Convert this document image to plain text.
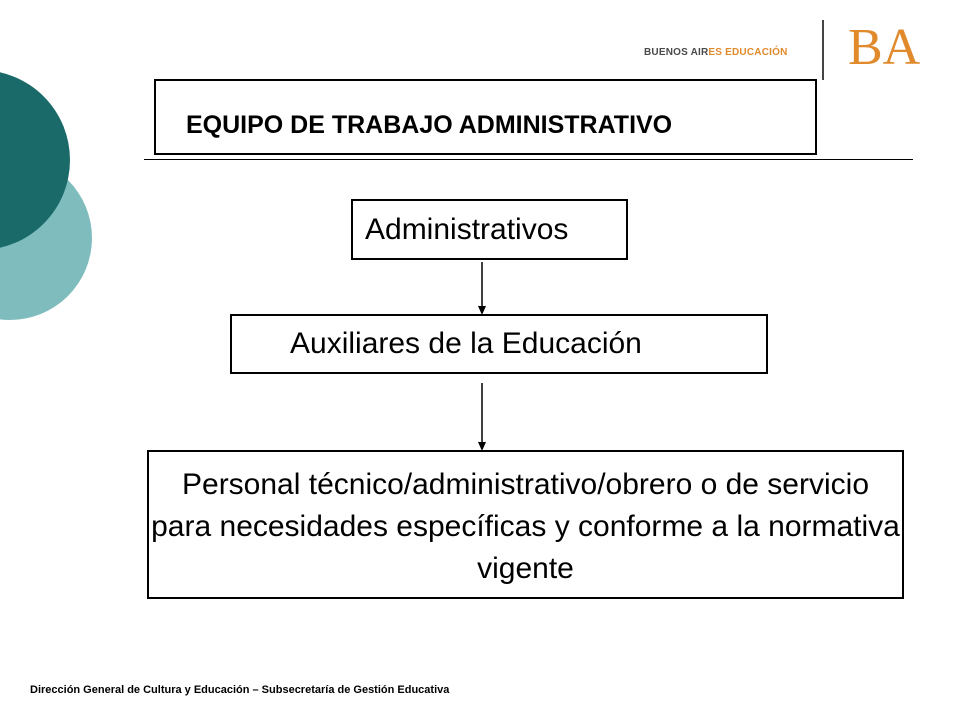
BUENOS AIRES EDUCACIÓN BA
EQUIPO DE TRABAJO ADMINISTRATIVO
Administrativos
Auxiliares de la Educación
Personal técnico/administrativo/obrero o de servicio para necesidades específicas y conforme a la normativa vigente
Dirección General de Cultura y Educación – Subsecretaría de Gestión Educativa
